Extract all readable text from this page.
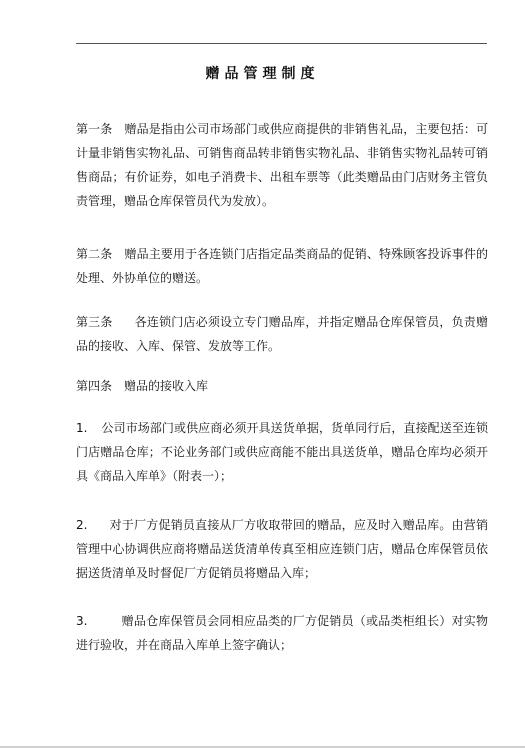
赠品管理制度

第一条 赠品是指由公司市场部门或供应商提供的非销售礼品，主要包括：可计量非销售实物礼品、可销售商品转非销售实物礼品、非销售实物礼品转可销售商品；有价证券，如电子消费卡、出租车票等（此类赠品由门店财务主管负责管理，赠品仓库保管员代为发放）。

第二条 赠品主要用于各连锁门店指定品类商品的促销、特殊顾客投诉事件的处理、外协单位的赠送。

第三条 各连锁门店必须设立专门赠品库，并指定赠品仓库保管员，负责赠品的接收、入库、保管、发放等工作。

第四条 赠品的接收入库

1. 公司市场部门或供应商必须开具送货单据，货单同行后，直接配送至连锁门店赠品仓库；不论业务部门或供应商能不能出具送货单，赠品仓库均必须开具《商品入库单》（附表一）；

2. 对于厂方促销员直接从厂方收取带回的赠品，应及时入赠品库。由营销管理中心协调供应商将赠品送货清单传真至相应连锁门店，赠品仓库保管员依据送货清单及时督促厂方促销员将赠品入库；

3.	赠品仓库保管员会同相应品类的厂方促销员（或品类柜组长）对实物进行验收，并在商品入库单上签字确认；
